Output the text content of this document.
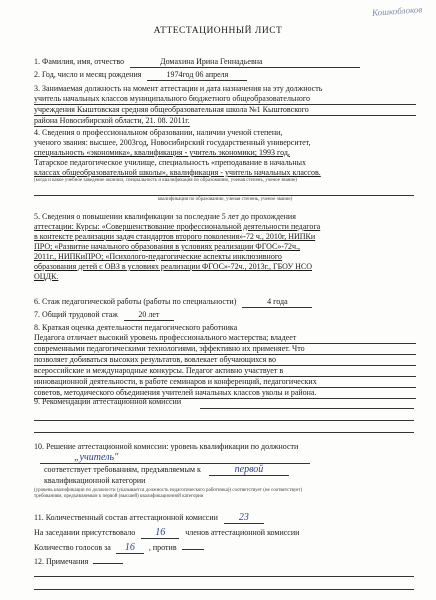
Кошкоблоков
АТТЕСТАЦИОННЫЙ ЛИСТ
1. Фамилия, имя, отчество	Домахина Ирина Геннадьевна
2. Год, число и месяц рождения	1974год 06 апреля
3. Занимаемая должность на момент аттестации и дата назначения на эту должность
учитель начальных классов муниципального бюджетного общеобразовательного
учреждения Кыштовская средняя общеобразовательная школа №1 Кыштовского
района Новосибирской области, 21. 08. 2011г.
4. Сведения о профессиональном образовании, наличии ученой степени,
ученого звания: высшее, 2003год, Новосибирский государственный университет,
специальность «экономика», квалификация - учитель экономики; 1993 год,
Татарское педагогическое училище, специальность «преподавание в начальных
классах общеобразовательной школы», квалификация - учитель начальных классов.
(когда и какое учебное заведение окончил, специальность и квалификация по образованию, ученая степень, ученое звание)
квалификация по образованию, ученая степень, ученое звание)
5. Сведения о повышении квалификации за последние 5 лет до прохождения
аттестации: Курсы: «Совершенствование профессиональной деятельности педагога
в контексте реализации задач стандартов второго поколения»-72 ч., 2010г, НИПКи
ПРО; «Развитие начального образования в условиях реализации ФГОС»-72ч.,
2011г., НИПКиПРО; «Психолого-педагогические аспекты инклюзивного
образования детей с ОВЗ в условиях реализации ФГОС»-72ч., 2013г., ГБОУ НСО
ОЦДК.
6. Стаж педагогической работы (работы по специальности)	4 года
7. Общий трудовой стаж	20 лет
8. Краткая оценка деятельности педагогического работника
Педагога отличает высокий уровень профессионального мастерства; владеет
современными педагогическими технологиями, эффективно их применяет. Что
позволяет добиваться высоких результатов, вовлекает обучающихся во
всероссийские и международные конкурсы. Педагог активно участвует в
инновационной деятельности, в работе семинаров и конференций, педагогических
советов, методического объединения учителей начальных классов уколы и района.
9. Рекомендации аттестационной комиссии
10. Решение аттестационной комиссии: уровень квалификации по должности
„учитель"
соответствует требованиям, предъявляемым к	первой
квалификационной категории
(уровень квалификации по должности (указывается должность педагогического работника)) соответствует (не соответствует)
требованиям, предъявляемым к первой (высшей) квалификационной категории
11. Количественный состав аттестационной комиссии 23
На заседании присутствовало 16	членов аттестационной комиссии
Количество голосов за 16 , против
12. Примечания
